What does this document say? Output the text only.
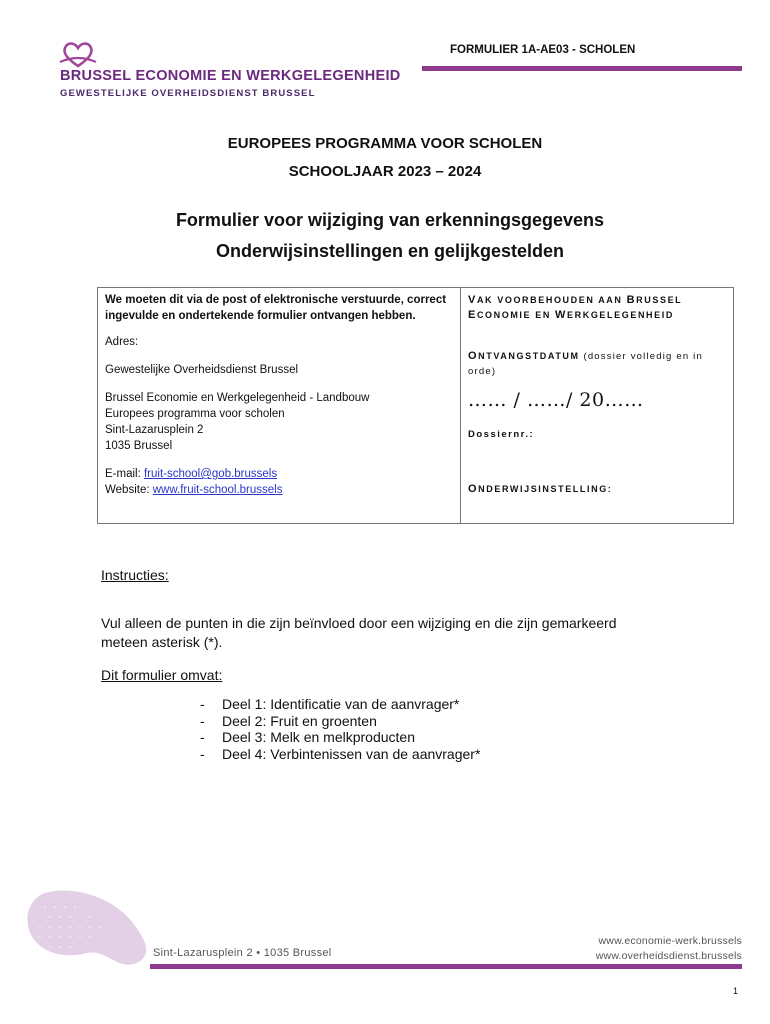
BRUSSEL ECONOMIE EN WERKGELEGENHEID
GEWESTELIJKE OVERHEIDSDIENST BRUSSEL
FORMULIER 1A-AE03 - SCHOLEN
EUROPEES PROGRAMMA VOOR SCHOLEN
SCHOOLJAAR 2023 – 2024
Formulier voor wijziging van erkenningsgegevens
Onderwijsinstellingen en gelijkgestelden
We moeten dit via de post of elektronische verstuurde, correct ingevulde en ondertekende formulier ontvangen hebben.
Adres:
Gewestelijke Overheidsdienst Brussel
Brussel Economie en Werkgelegenheid - Landbouw
Europees programma voor scholen
Sint-Lazarusplein 2
1035 Brussel
E-mail: fruit-school@gob.brussels
Website: www.fruit-school.brussels
VAK VOORBEHOUDEN AAN BRUSSEL
ECONOMIE EN WERKGELEGENHEID
ONTVANGSTDATUM (dossier volledig en in orde)
…… / ……/ 20……
Dossiernr.:
ONDERWIJSINSTELLING:
Instructies:
Vul alleen de punten in die zijn beïnvloed door een wijziging en die zijn gemarkeerd meteen asterisk (*).
Dit formulier omvat:
- Deel 1: Identificatie van de aanvrager*
- Deel 2: Fruit en groenten
- Deel 3: Melk en melkproducten
- Deel 4: Verbintenissen van de aanvrager*
Sint-Lazarusplein 2 • 1035 Brussel
www.economie-werk.brussels
www.overheidsdienst.brussels
1
